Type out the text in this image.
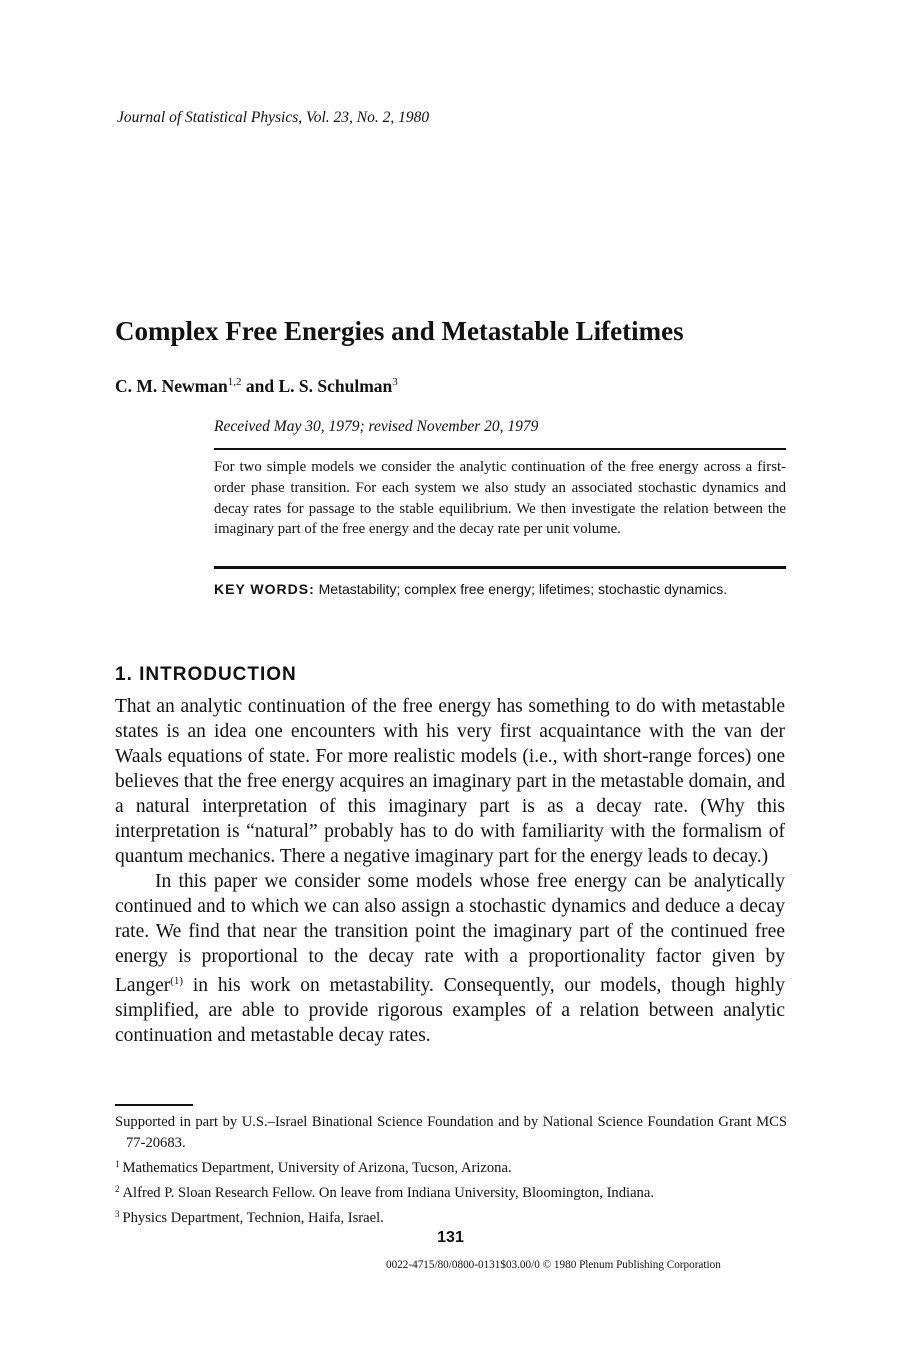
Journal of Statistical Physics, Vol. 23, No. 2, 1980
Complex Free Energies and Metastable Lifetimes
C. M. Newman$^{1,2}$ and L. S. Schulman$^3$
Received May 30, 1979; revised November 20, 1979

For two simple models we consider the analytic continuation of the free energy across a first-order phase transition. For each system we also study an associated stochastic dynamics and decay rates for passage to the stable equilibrium. We then investigate the relation between the imaginary part of the free energy and the decay rate per unit volume.

KEY WORDS: Metastability; complex free energy; lifetimes; stochastic dynamics.

1. INTRODUCTION

That an analytic continuation of the free energy has something to do with metastable states is an idea one encounters with his very first acquaintance with the van der Waals equations of state. For more realistic models (i.e., with short-range forces) one believes that the free energy acquires an imaginary part in the metastable domain, and a natural interpretation of this imaginary part is as a decay rate. (Why this interpretation is “natural” probably has to do with familiarity with the formalism of quantum mechanics. There a negative imaginary part for the energy leads to decay.)

In this paper we consider some models whose free energy can be analytically continued and to which we can also assign a stochastic dynamics and deduce a decay rate. We find that near the transition point the imaginary part of the continued free energy is proportional to the decay rate with a proportionality factor given by Langer$^{(1)}$ in his work on metastability. Consequently, our models, though highly simplified, are able to provide rigorous examples of a relation between analytic continuation and metastable decay rates.

Supported in part by U.S.–Israel Binational Science Foundation and by National Science Foundation Grant MCS 77-20683.

$^1$ Mathematics Department, University of Arizona, Tucson, Arizona.

$^2$ Alfred P. Sloan Research Fellow. On leave from Indiana University, Bloomington, Indiana.

$^3$ Physics Department, Technion, Haifa, Israel.

131
0022-4715/80/0800-0131$03.00/0 © 1980 Plenum Publishing Corporation
